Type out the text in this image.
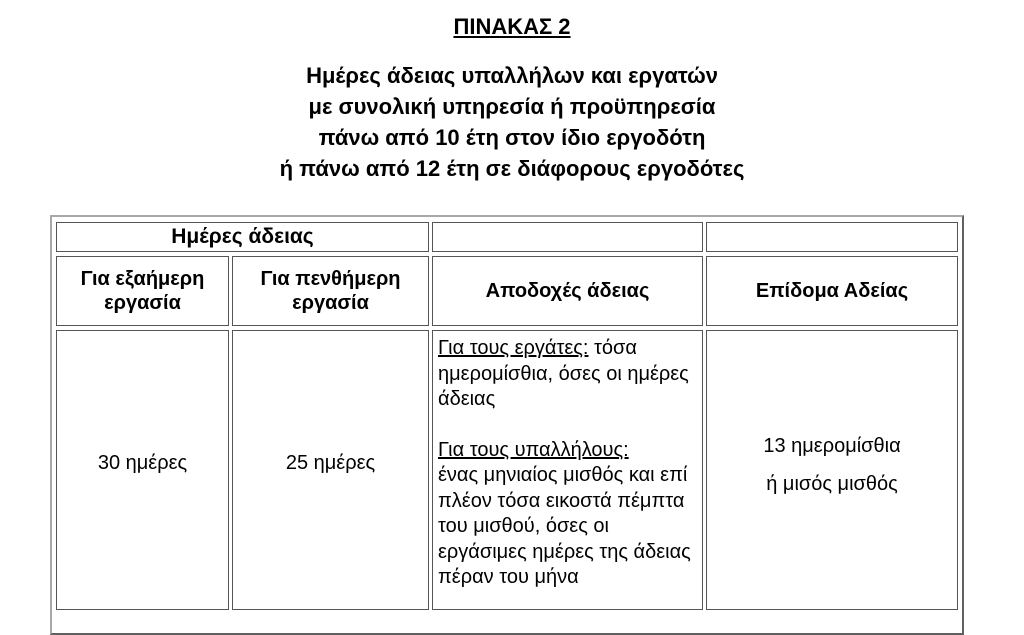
ΠΙΝΑΚΑΣ 2
Ημέρες άδειας υπαλλήλων και εργατών
με συνολική υπηρεσία ή προϋπηρεσία
πάνω από 10 έτη στον ίδιο εργοδότη
ή πάνω από 12 έτη σε διάφορους εργοδότες
Ημέρες άδειας
Για εξαήμερη εργασία
Για πενθήμερη εργασία
Αποδοχές άδειας	Επίδομα Αδείας
30 ημέρες	25 ημέρες

Για τους εργάτες: τόσα ημερομίσθια, όσες οι ημέρες άδειας

Για τους υπαλλήλους:
ένας μηνιαίος μισθός και επί πλέον τόσα εικοστά πέμπτα του μισθού, όσες οι εργάσιμες ημέρες της άδειας πέραν του μήνα

13 ημερομίσθια
ή μισός μισθός
